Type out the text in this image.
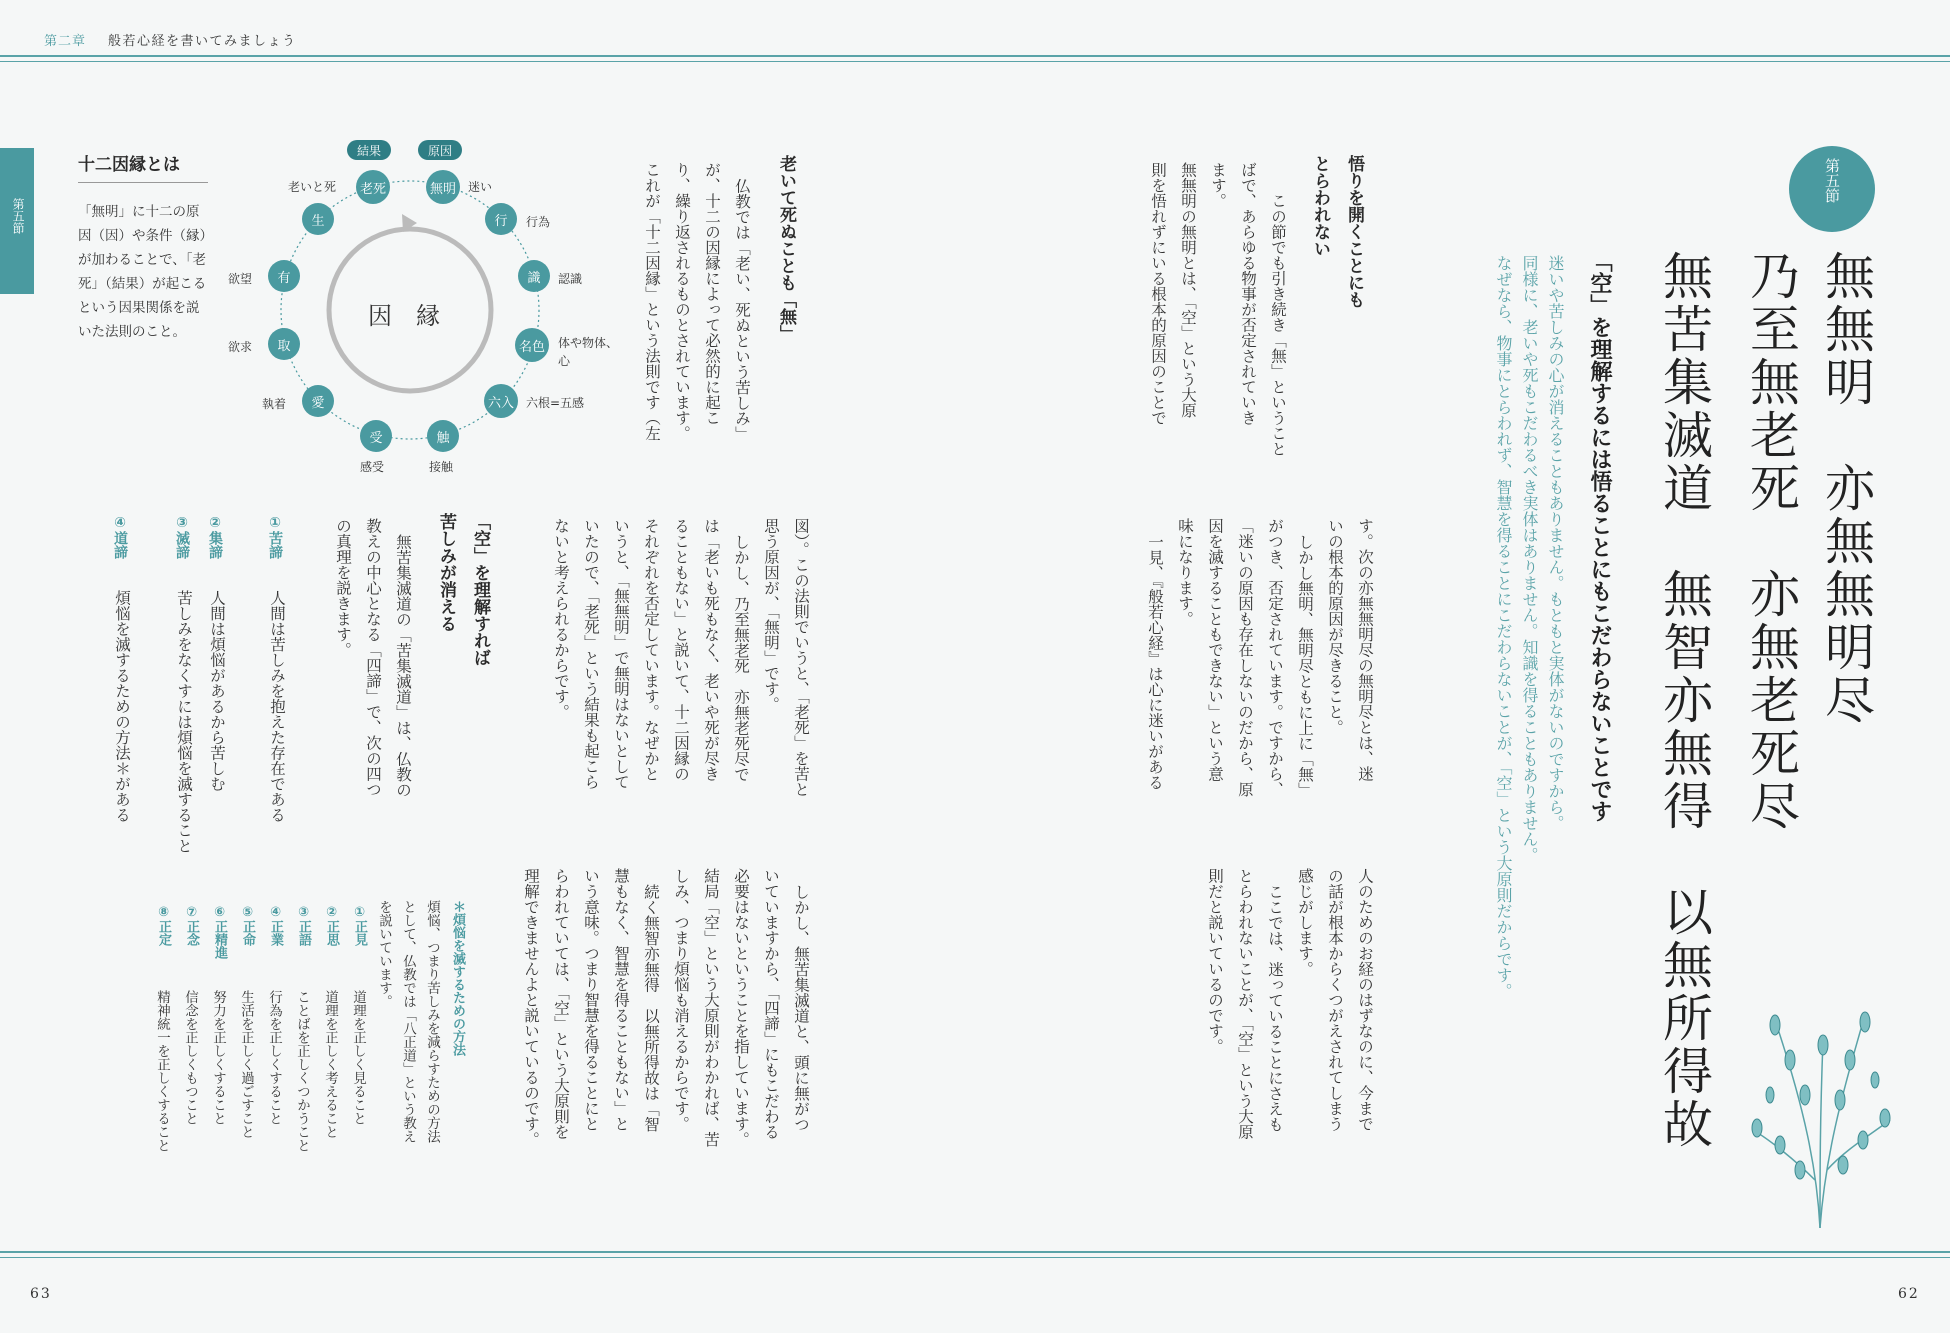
第二章 般若心経を書いてみましょう
63	62
第五節
十二因縁とは
「無明」に十二の原因（因）や条件（縁）が加わることで、「老死」（結果）が起こるという因果関係を説いた法則のこと。
因　縁
結果	原因
無明
行
識
名色
六入
触
受
愛
取
有
生
老死	迷い
行為
認識
体や物体、
心
六根=五感
接触
感受
執着
欲求
欲望
老いと死	第五節
無無明　亦無無明尽
乃至無老死　亦無老死尽
無苦集滅道　無智亦無得　以無所得故
「空」を理解するには悟ることにもこだわらないことです
迷いや苦しみの心が消えることもありません。もともと実体がないのですから。
同様に、老いや死もこだわるべき実体はありません。知識を得ることもありません。
なぜなら、物事にとらわれず、智慧を得ることにこだわらないことが、「空」という大原則だからです。
悟りを開くことにも
とらわれない
この節でも引き続き「無」ということ
ばで、あらゆる物事が否定されていき
ます。
無無明の無明とは、「空」という大原
則を悟れずにいる根本的原因のことで
す。次の亦無無明尽の無明尽とは、迷
いの根本的原因が尽きること。
しかし無明、無明尽ともに上に「無」
がつき、否定されています。ですから、
「迷いの原因も存在しないのだから、原
因を滅することもできない」という意
味になります。
一見、『般若心経』は心に迷いがある
人のためのお経のはずなのに、今まで
の話が根本からくつがえされてしまう
感じがします。
ここでは、迷っていることにさえも
とらわれないことが、「空」という大原
則だと説いているのです。
老いて死ぬことも「無」
仏教では「老い、死ぬという苦しみ」
が、十二の因縁によって必然的に起こ
り、繰り返されるものとされています。
これが「十二因縁」という法則です（左
図）。この法則でいうと、「老死」を苦と
思う原因が、「無明」です。
しかし、乃至無老死　亦無老死尽で
は「老いも死もなく、老いや死が尽き
ることもない」と説いて、十二因縁の
それぞれを否定しています。なぜかと
いうと、「無無明」で無明はないとして
いたので、「老死」という結果も起こら
ないと考えられるからです。
しかし、無苦集滅道と、頭に無がつ
いていますから、「四諦」にもこだわる
必要はないということを指しています。
結局「空」という大原則がわかれば、苦
しみ、つまり煩悩も消えるからです。
続く無智亦無得　以無所得故は「智
慧もなく、智慧を得ることもない」と
いう意味。つまり智慧を得ることにと
らわれていては、「空」という大原則を
理解できませんよと説いているのです。
「空」を理解すれば
苦しみが消える
無苦集滅道の「苦集滅道」は、仏教の
教えの中心となる「四諦」で、次の四つ
の真理を説きます。
①苦諦
人間は苦しみを抱えた存在である
②集諦
人間は煩悩があるから苦しむ
③滅諦
苦しみをなくすには煩悩を滅すること
④道諦
煩悩を滅するための方法＊がある
＊煩悩を滅するための方法
煩悩、つまり苦しみを減らすための方法
として、仏教では「八正道」という教え
を説いています。
①正見
道理を正しく見ること
②正思
道理を正しく考えること
③正語
ことばを正しくつかうこと
④正業
行為を正しくすること
⑤正命
生活を正しく過ごすこと
⑥正精進
努力を正しくすること
⑦正念
信念を正しくもつこと
⑧正定
精神統一を正しくすること
